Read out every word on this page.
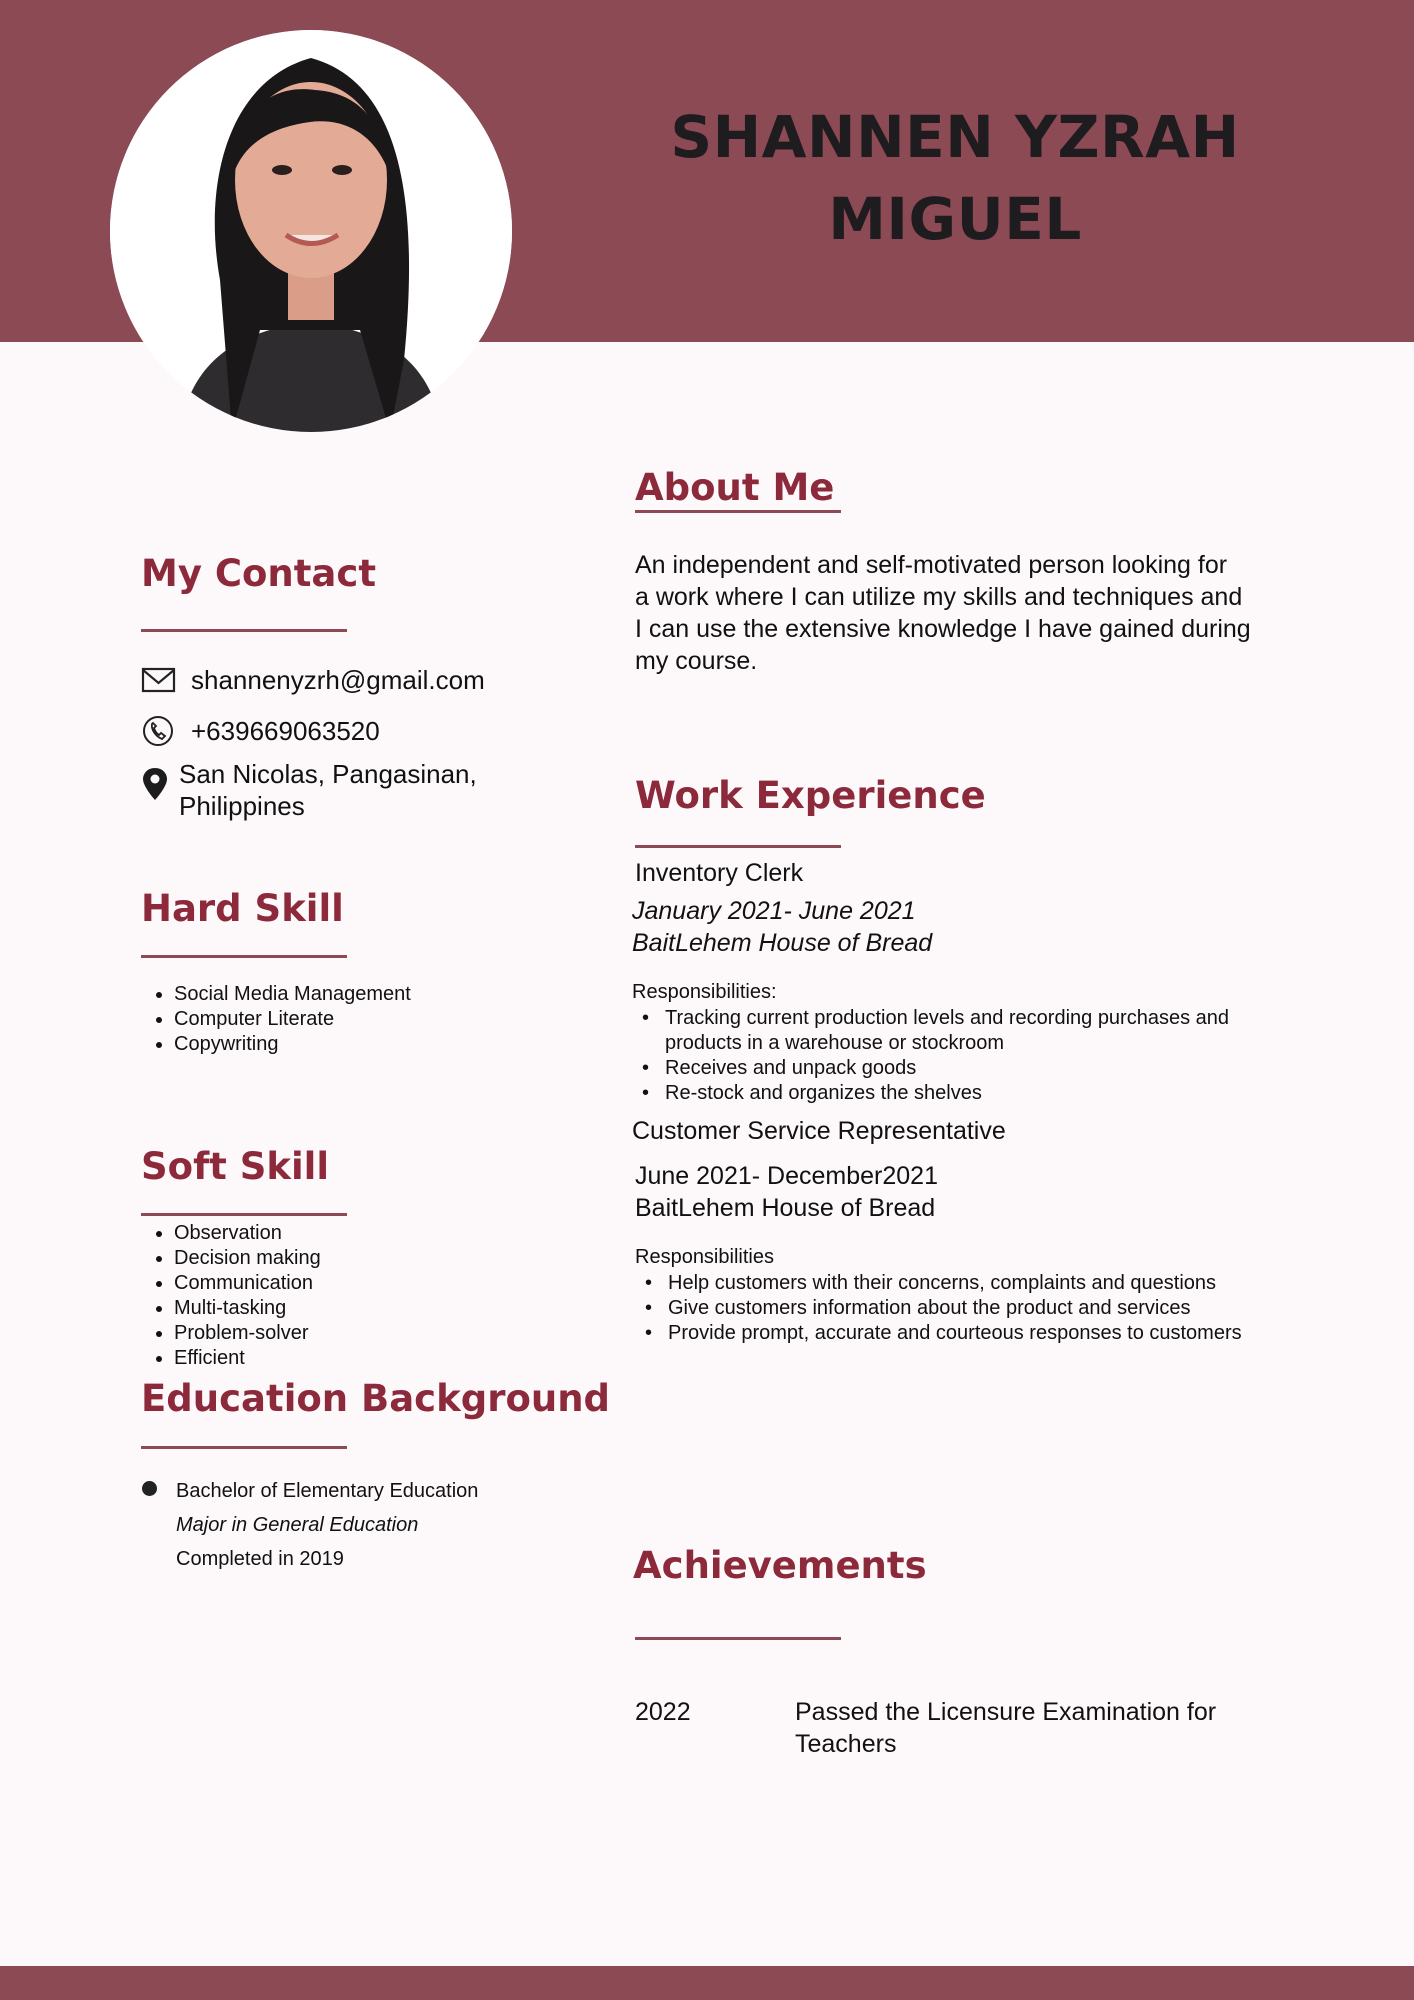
SHANNEN YZRAH
MIGUEL
My Contact
shannenyzrh@gmail.com
+639669063520
San Nicolas, Pangasinan,
Philippines
Hard Skill
• Social Media Management
• Computer Literate
• Copywriting
Soft Skill
• Observation
• Decision making
• Communication
• Multi-tasking
• Problem-solver
• Efficient
Education Background
Bachelor of Elementary Education
Major in General Education
Completed in 2019
About Me
An independent and self-motivated person looking for
a work where I can utilize my skills and techniques and
I can use the extensive knowledge I have gained during
my course.
Work Experience
Inventory Clerk
January 2021- June 2021
BaitLehem House of Bread
Responsibilities:
• Tracking current production levels and recording purchases and
products in a warehouse or stockroom
• Receives and unpack goods
• Re-stock and organizes the shelves
Customer Service Representative
June 2021- December2021
BaitLehem House of Bread
Responsibilities
• Help customers with their concerns, complaints and questions
• Give customers information about the product and services
• Provide prompt, accurate and courteous responses to customers
Achievements
2022	Passed the Licensure Examination for
Teachers
